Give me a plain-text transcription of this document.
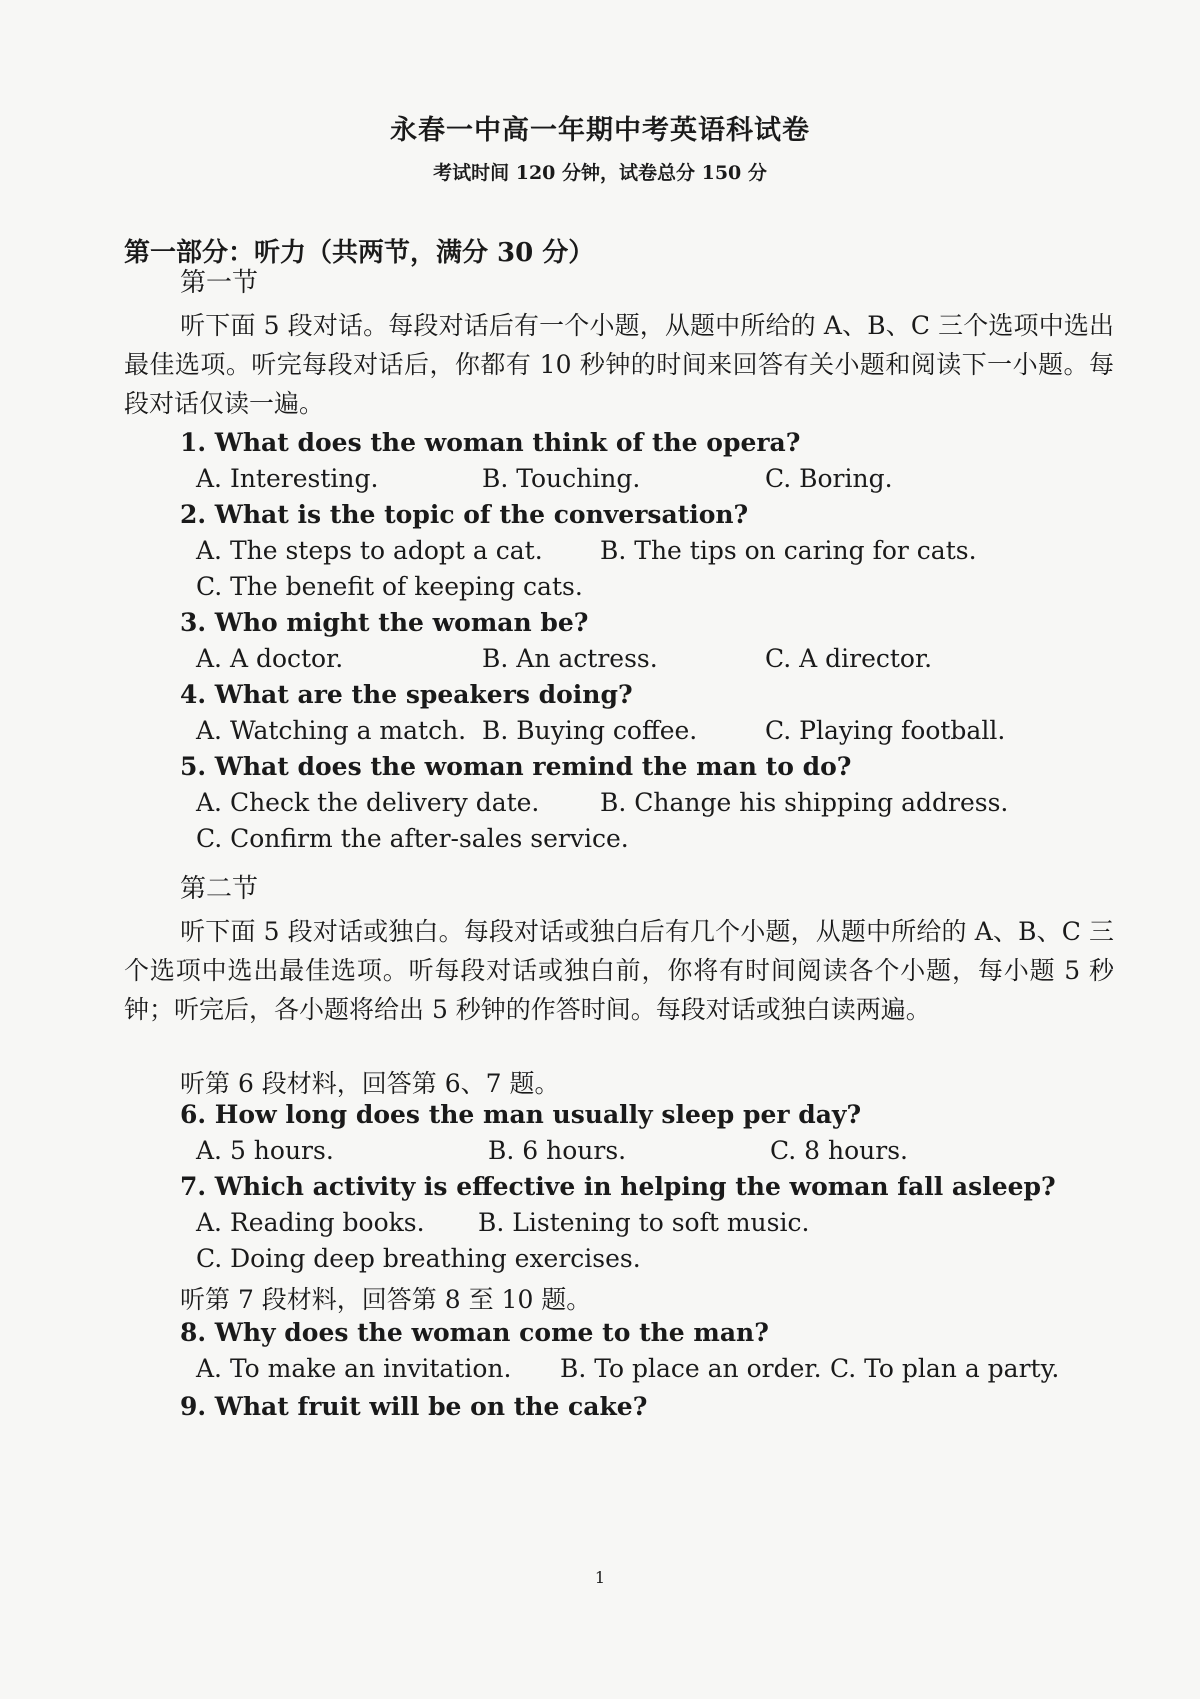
永春一中高一年期中考英语科试卷
考试时间 120 分钟，试卷总分 150 分
第一部分：听力（共两节，满分 30 分）
第一节
听下面 5 段对话。每段对话后有一个小题，从题中所给的 A、B、C 三个选项中选出最佳选项。听完每段对话后，你都有 10 秒钟的时间来回答有关小题和阅读下一小题。每段对话仅读一遍。
1. What does the woman think of the opera?
A. Interesting.	B. Touching.	C. Boring.
2. What is the topic of the conversation?
A. The steps to adopt a cat. B. The tips on caring for cats.
C. The benefit of keeping cats.
3. Who might the woman be?
A. A doctor.	B. An actress.	C. A director.
4. What are the speakers doing?
A. Watching a match. B. Buying coffee.	C. Playing football.
5. What does the woman remind the man to do?
A. Check the delivery date. B. Change his shipping address.
C. Confirm the after-sales service.
第二节
听下面 5 段对话或独白。每段对话或独白后有几个小题，从题中所给的 A、B、C 三个选项中选出最佳选项。听每段对话或独白前，你将有时间阅读各个小题，每小题 5 秒钟；听完后，各小题将给出 5 秒钟的作答时间。每段对话或独白读两遍。
听第 6 段材料，回答第 6、7 题。
6. How long does the man usually sleep per day?
A. 5 hours.	B. 6 hours.	C. 8 hours.
7. Which activity is effective in helping the woman fall asleep?
A. Reading books. B. Listening to soft music.
C. Doing deep breathing exercises.
听第 7 段材料，回答第 8 至 10 题。
8. Why does the woman come to the man?
A. To make an invitation. B. To place an order. C. To plan a party.
9. What fruit will be on the cake?
1
